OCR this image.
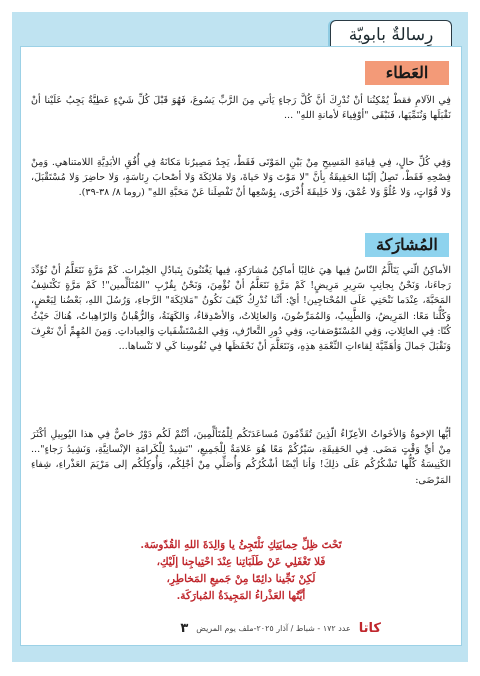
رِسالةٌ بابويّة
العَطاء

فِي الآلامِ فقطْ يُمْكِنُنا أنْ نُدْرِكَ أنَّ كُلَّ رَجاءٍ يَأتي مِنَ الرَّبِّ يَسُوعَ، فَهُوَ قَبْلَ كُلِّ شَيْءٍ عَطِيَّةٌ يَجِبُ عَلَيْنا أنْ نَقْبَلَها وَنُنَمِّيَها، فَنَبْقَى "أوْفِياءَ لأمانةِ اللهِ" ...

وَفِي كُلِّ حالٍ، فِي قِيامَةِ المَسِيحِ مِنْ بَيْنِ المَوْتَى فَقَطْ، يَجِدُ مَصِيرُنا مَكانَهُ فِي أُفُقِ الأبَدِيَّةِ اللامتناهي. وَمِنْ فِصْحِهِ فَقَطْ، تَصِلُ إلَيْنا الحَقِيقَةُ بِأنَّ "لا مَوْتَ وَلا حَياةَ، وَلا مَلائِكَةَ وَلا أصْحابَ رِئاسَةٍ، وَلا حاضِرَ وَلا مُسْتَقْبَلَ، وَلا قُوّاتٍ، وَلا عُلُوَّ وَلا عُمْقَ، وَلا خَلِيقَةَ أُخْرَى، بِوُسْعِها أنْ تَفْصِلَنا عَنْ مَحَبَّةِ اللهِ" (روما ٨/ ٣٨-٣٩).

المُشارَكة

الأماكِنُ الّتي يَتَألَّمُ النّاسُ فِيها هِيَ غالِبًا أماكِنُ مُشارَكةٍ، فِيها يَغْتَنُونَ بِتَبادُلِ الخِبْرات. كَمْ مَرَّةٍ نَتَعَلَّمُ أنْ نُؤَدِّدَ رَجاءَنا، وَنَحْنُ بِجانِبِ سَرِيرِ مَرِيضٍ! كَمْ مَرَّةٍ نَتَعَلَّمُ أنْ نُؤْمِنَ، وَنَحْنُ بِقُرْبِ "المُتَألِّمين"! كَمْ مَرَّةٍ نَكْتَشِفُ المَحَبَّةَ، عِنْدَما نَنْحَنِي عَلَى المُحْتاجِين! أيْ: أنَّنا نُدْرِكُ كَيْفَ نَكُونُ "مَلائِكَةَ" الرَّجاءِ، وَرُسُلَ اللهِ، بَعْضُنا لِبَعْضٍ، وَكُلُّنا مَعًا: المَرِيضُ، وَالطَّبِيبُ، وَالمُمَرِّضُونَ، وَالعائِلاتُ، وَالأصْدِقاءُ، وَالكَهَنَةُ، وَالرُّهْبانُ وَالرّاهِباتُ، هُناكَ حَيْثُ كُنّا: فِي العائِلاتِ، وَفِي المُسْتَوْصَفاتِ، وَفِي دُورِ التَّعارُفِ، وَفِي المُسْتَشْفَياتِ وَالعِياداتِ. وَمِنَ المُهِمِّ أنْ نَعْرِفَ وَنَقْبَلَ جَمالَ وَأهَمِّيَّةَ لِقاءاتِ النِّعْمَةِ هذِهِ، وَنَتَعَلَّمَ أنْ نَحْفَظَها فِي نُفُوسِنا كَي لا نَنْساها...

أيُّها الإخوةُ وَالأخَواتُ الأعِزّاءُ الّذِينَ تُقَدِّمُونَ مُساعَدَتَكُم لِلْمُتَألِّمِينَ، أنْتُمْ لَكُم دَوْرٌ خاصٌّ فِي هذا اليُوبِيلِ أكْثَرَ مِنْ أيِّ وَقْتٍ مَضَى. فِي الحَقِيقَةِ، سَيْرُكُمْ مَعًا هُوَ عَلامَةٌ لِلْجَمِيعِ، "نَشِيدٌ لِلْكَرامَةِ الإنْسانِيَّةِ، وَنَشِيدُ رَجاءٍ"... الكَنِيسَةُ كُلُّها تَشْكُرُكُم عَلَى ذلِكَ! وَأنا أيْضًا أشْكُرُكُم وَأُصَلِّي مِنْ أجْلِكُم، وَأُوكِلُكُم إلى مَرْيَمَ العَذْراءِ، شِفاءِ المَرْضَى:

تَحْتَ ظِلِّ حِمايَتِكِ نَلْتَجِئُ يا وَالِدَةَ اللهِ القُدّوسَة.
فَلا تَغْفَلِي عَنْ طَلَبَاتِنا عِنْدَ احْتِياجِنا إلَيْكِ،
لَكِنْ نَجِّينا دائِمًا مِنْ جَميعِ المَخاطِرِ،
أيَّتُها العَذْراءُ المَجِيدَةُ المُبارَكَة.
كاتا
عدد ١٧٢ - شباط / آذار ٢٠٢٥-ملف يوم المريض
٣
